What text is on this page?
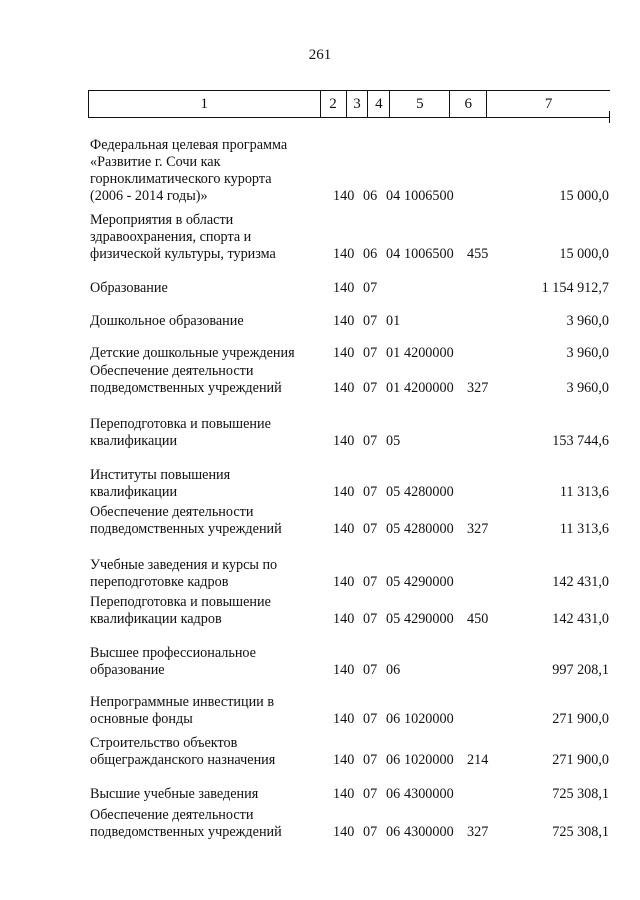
261
1	2	3 4	5	6	7
Федеральная целевая программа
«Развитие г. Сочи как
горноклиматического курорта
(2006 - 2014 годы)»	140 06 04 1006500	15 000,0
Мероприятия в области
здравоохранения, спорта и
физической культуры, туризма	140 06 04 1006500 455	15 000,0
Образование	140 07	1 154 912,7
Дошкольное образование	140 07 01	3 960,0
Детские дошкольные учреждения	140 07 01 4200000	3 960,0
Обеспечение деятельности
подведомственных учреждений	140 07 01 4200000 327	3 960,0
Переподготовка и повышение
квалификации	140 07 05	153 744,6
Институты повышения
квалификации	140 07 05 4280000	11 313,6
Обеспечение деятельности
подведомственных учреждений	140 07 05 4280000 327	11 313,6
Учебные заведения и курсы по
переподготовке кадров	140 07 05 4290000	142 431,0
Переподготовка и повышение
квалификации кадров	140 07 05 4290000 450	142 431,0
Высшее профессиональное
образование	140 07 06	997 208,1
Непрограммные инвестиции в
основные фонды	140 07 06 1020000	271 900,0
Строительство объектов
общегражданского назначения	140 07 06 1020000 214	271 900,0
Высшие учебные заведения	140 07 06 4300000	725 308,1
Обеспечение деятельности
подведомственных учреждений	140 07 06 4300000 327	725 308,1
